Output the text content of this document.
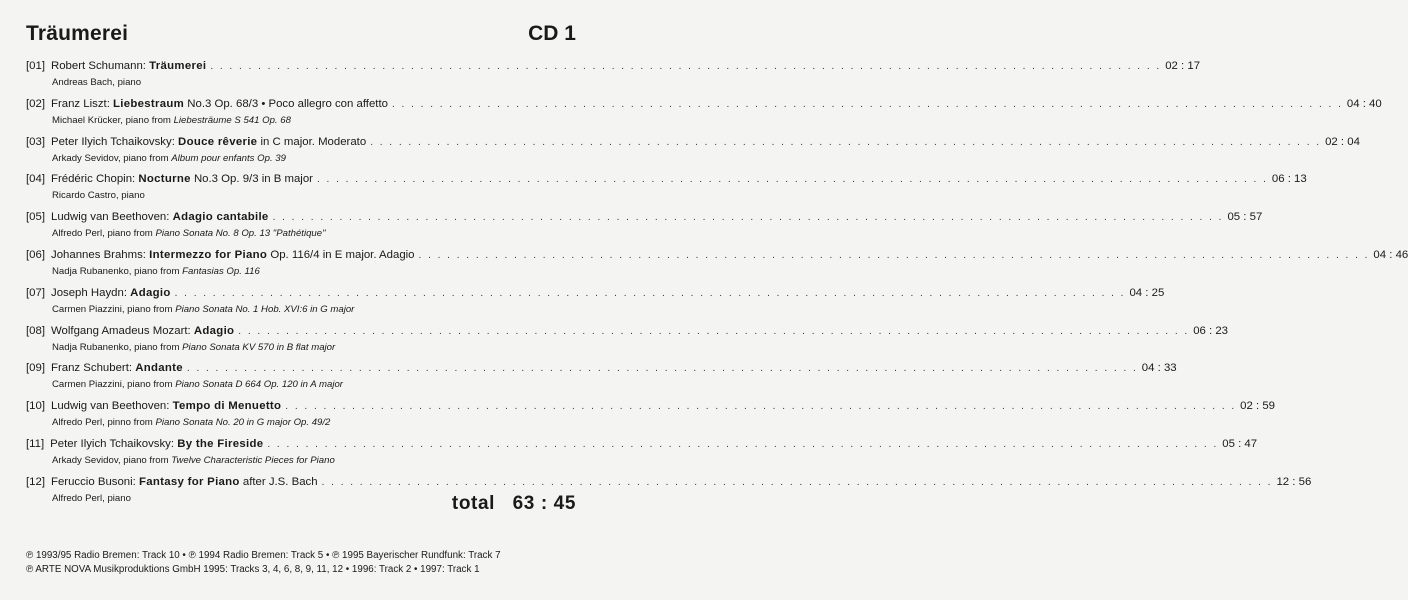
Träumerei	CD 1
[01] Robert Schumann: Träumerei . . .	02 : 17
Andreas Bach, piano
[02] Franz Liszt: Liebestraum No.3 Op. 68/3 • Poco allegro con affetto . . .	04 : 40
Michael Krücker, piano from Liebesträume S 541 Op. 68
[03] Peter Ilyich Tchaikovsky: Douce rêverie in C major. Moderato . . .	02 : 04
Arkady Sevidov, piano from Album pour enfants Op. 39
[04] Frédéric Chopin: Nocturne No.3 Op. 9/3 in B major . . .	06 : 13
Ricardo Castro, piano
[05] Ludwig van Beethoven: Adagio cantabile . . .	05 : 57
Alfredo Perl, piano from Piano Sonata No. 8 Op. 13 "Pathétique"
[06] Johannes Brahms: Intermezzo for Piano Op. 116/4 in E major. Adagio . . .	04 : 46
Nadja Rubanenko, piano from Fantasias Op. 116
[07] Joseph Haydn: Adagio . . .	04 : 25
Carmen Piazzini, piano from Piano Sonata No. 1 Hob. XVI:6 in G major
[08] Wolfgang Amadeus Mozart: Adagio . . .	06 : 23
Nadja Rubanenko, piano from Piano Sonata KV 570 in B flat major
[09] Franz Schubert: Andante . . .	04 : 33
Carmen Piazzini, piano from Piano Sonata D 664 Op. 120 in A major
[10] Ludwig van Beethoven: Tempo di Menuetto . . .	02 : 59
Alfredo Perl, pinno from Piano Sonata No. 20 in G major Op. 49/2
[11] Peter Ilyich Tchaikovsky: By the Fireside . . .	05 : 47
Arkady Sevidov, piano from Twelve Characteristic Pieces for Piano
[12] Feruccio Busoni: Fantasy for Piano after J.S. Bach . . .	12 : 56
Alfredo Perl, piano	total 63 : 45
℗ 1993/95 Radio Bremen: Track 10 • ℗ 1994 Radio Bremen: Track 5 • ℗ 1995 Bayerischer Rundfunk: Track 7
℗ ARTE NOVA Musikproduktions GmbH 1995: Tracks 3, 4, 6, 8, 9, 11, 12 • 1996: Track 2 • 1997: Track 1
